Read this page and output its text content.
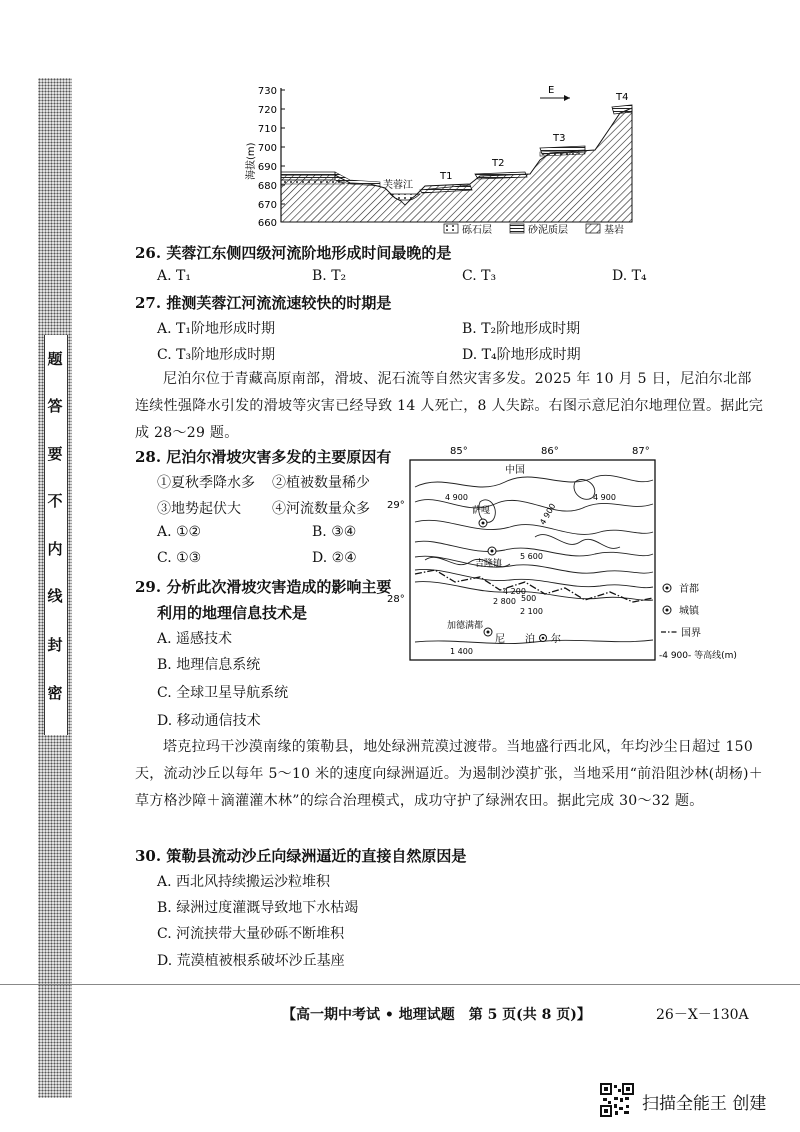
密
封
线
内
不
要
答
题
730
720
710
700
690
680
670
660
海拔(m)
芙蓉江
T1
T2
T3
T4
E
砾石层	砂泥质层	基岩
26. 芙蓉江东侧四级河流阶地形成时间最晚的是
A. T₁	B. T₂	C. T₃	D. T₄
27. 推测芙蓉江河流流速较快的时期是
A. T₁阶地形成时期	B. T₂阶地形成时期
C. T₃阶地形成时期	D. T₄阶地形成时期
尼泊尔位于青藏高原南部，滑坡、泥石流等自然灾害多发。2025 年 10 月 5 日，尼泊尔北部连续性强降水引发的滑坡等灾害已经导致 14 人死亡，8 人失踪。右图示意尼泊尔地理位置。据此完成 28～29 题。
28. 尼泊尔滑坡灾害多发的主要原因有
①夏秋季降水多 ②植被数量稀少
③地势起伏大 ④河流数量众多
A. ①②	B. ③④
C. ①③	D. ②④
29. 分析此次滑坡灾害造成的影响主要
利用的地理信息技术是
A. 遥感技术
B. 地理信息系统
C. 全球卫星导航系统
D. 移动通信技术
85°	86°	87°
29°
28°
中国
4 900	4 900
4 900
5 600
4 200
2 800 500
2 100
1 400
萨嘎
吉隆镇
加德满都
尼 泊 尔
首都
城镇
国界
-4 900- 等高线(m)
塔克拉玛干沙漠南缘的策勒县，地处绿洲荒漠过渡带。当地盛行西北风，年均沙尘日超过 150 天，流动沙丘以每年 5～10 米的速度向绿洲逼近。为遏制沙漠扩张，当地采用“前沿阻沙林(胡杨)＋草方格沙障＋滴灌灌木林”的综合治理模式，成功守护了绿洲农田。据此完成 30～32 题。
30. 策勒县流动沙丘向绿洲逼近的直接自然原因是
A. 西北风持续搬运沙粒堆积
B. 绿洲过度灌溉导致地下水枯竭
C. 河流挟带大量砂砾不断堆积
D. 荒漠植被根系破坏沙丘基座
【高一期中考试 • 地理试题　第 5 页(共 8 页)】	26－X－130A
扫描全能王 创建
